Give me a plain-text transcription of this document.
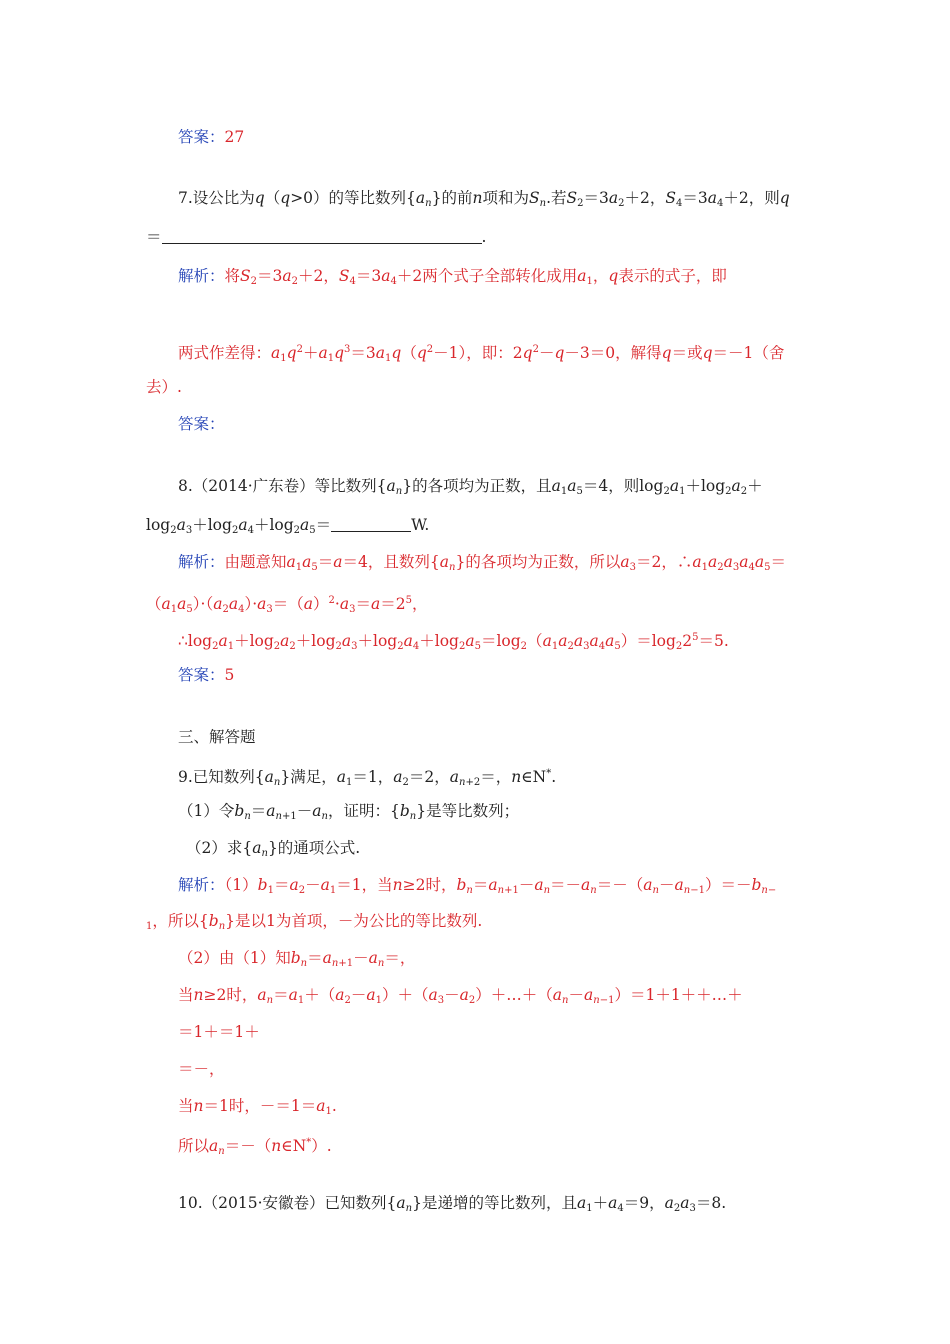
答案：27
7.设公比为q（q>0）的等比数列$\{a_n\}$的前n项和为$S_n$.若$S_2=3a_2+2$，$S_4=3a_4+2$，则q
＝	.
解析：将$S_2=3a_2+2$，$S_4=3a_4+2$两个式子全部转化成用$a_1$，q表示的式子，即
两式作差得：$a_1q^2+a_1q^3=3a_1q(q^2-1)$，即：$2q^2-q-3=0$，解得q＝或q＝－1（舍
去）.
答案：
8.（2014·广东卷）等比数列$\{a_n\}$的各项均为正数，且$a_1a_5=4$，则$\log_2a_1+\log_2a_2+$
$\log_2a_3+\log_2a_4+\log_2a_5=$	W.
解析：由题意知$a_1a_5=a=4$，且数列$\{a_n\}$的各项均为正数，所以$a_3=2$，$\therefore a_1a_2a_3a_4a_5=$
$(a_1a_5)\cdot(a_2a_4)\cdot a_3=(a)^2\cdot a_3=a=2^5$，
$\therefore\log_2a_1+\log_2a_2+\log_2a_3+\log_2a_4+\log_2a_5=\log_2(a_1a_2a_3a_4a_5)=\log_22^5=5$.
答案：5
三、解答题
9.已知数列$\{a_n\}$满足，$a_1=1$，$a_2=2$，$a_{n+2}=$，n∈N*.
（1）令$b_n=a_{n+1}-a_n$，证明：$\{b_n\}$是等比数列；
（2）求$\{a_n\}$的通项公式.
解析：$(1)b_1=a_2-a_1=1$，当n≥2时，$b_n=a_{n+1}-a_n=-a_n=-(a_n-a_{n-1})=-b_{n-}$
$_1$，所以$\{b_n\}$是以1为首项，－为公比的等比数列.
（2）由（1）知$b_n=a_{n+1}-a_n=$，
当n≥2时，$a_n=a_1+(a_2-a_1)+(a_3-a_2)+\dots+(a_n-a_{n-1})=1+1++\dots+$
＝1＋＝1＋
＝－，
当n＝1时，$-=1=a_1$.
所以$a_n=-(n\in N^*)$.
10.（2015·安徽卷）已知数列$\{a_n\}$是递增的等比数列，且$a_1+a_4=9$，$a_2a_3=8$.
